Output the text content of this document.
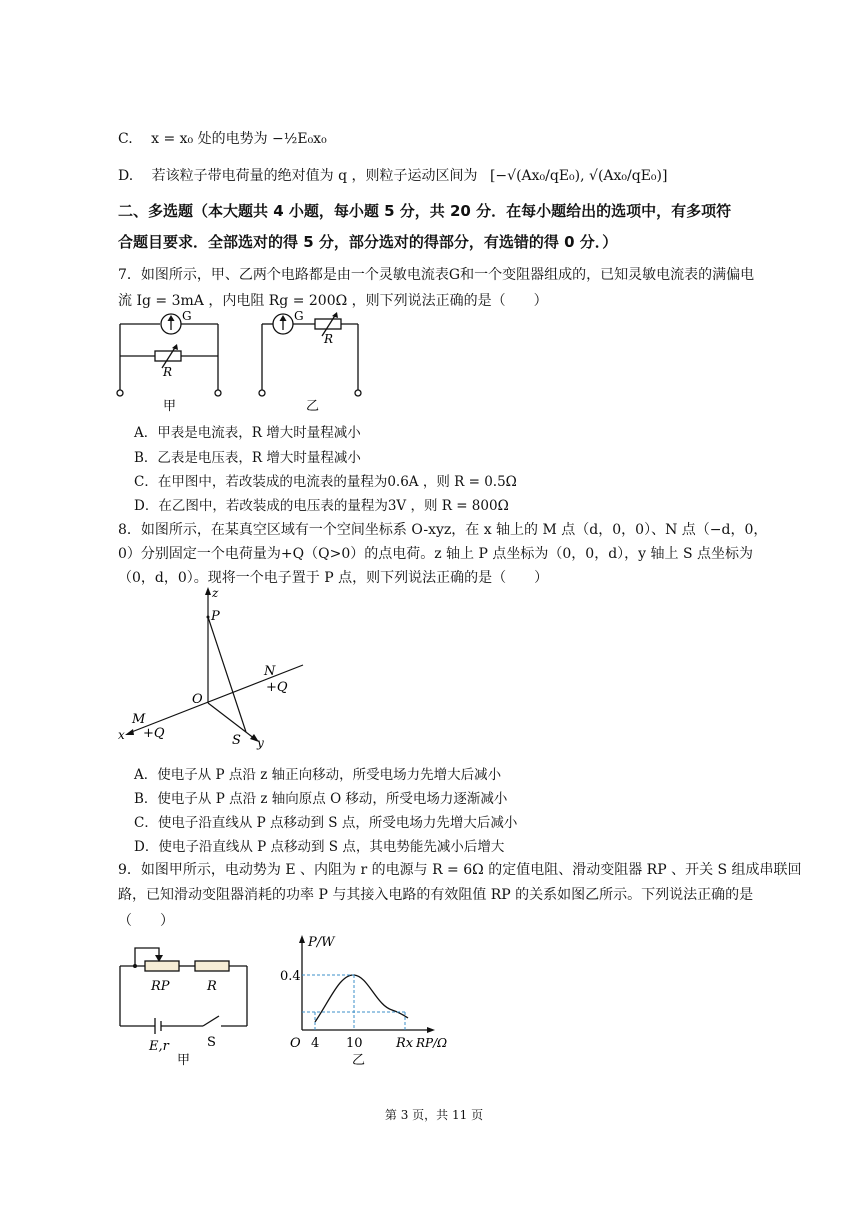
C.　 x = x₀ 处的电势为 −½E₀x₀
D.　 若该粒子带电荷量的绝对值为 q ，则粒子运动区间为 [−√(Ax₀/qE₀), √(Ax₀/qE₀)]
二、多选题（本大题共 4 小题，每小题 5 分，共 20 分．在每小题给出的选项中，有多项符
合题目要求．全部选对的得 5 分，部分选对的得部分，有选错的得 0 分．）
7．如图所示，甲、乙两个电路都是由一个灵敏电流表G和一个变阻器组成的，已知灵敏电流表的满偏电
流 Ig = 3mA ，内电阻 Rg = 200Ω ，则下列说法正确的是（　　）
G
R
G
R
甲	乙
A．甲表是电流表，R 增大时量程减小
B．乙表是电压表，R 增大时量程减小
C．在甲图中，若改装成的电流表的量程为0.6A ，则 R = 0.5Ω
D．在乙图中，若改装成的电压表的量程为3V ，则 R = 800Ω
8．如图所示，在某真空区域有一个空间坐标系 O-xyz，在 x 轴上的 M 点（d，0，0）、N 点（−d，0，
0）分别固定一个电荷量为+Q（Q>0）的点电荷。z 轴上 P 点坐标为（0，0，d），y 轴上 S 点坐标为
（0，d，0）。现将一个电子置于 P 点，则下列说法正确的是（　　）
z
P
N
+Q
O
M
+Q
x	S y
A．使电子从 P 点沿 z 轴正向移动，所受电场力先增大后减小
B．使电子从 P 点沿 z 轴向原点 O 移动，所受电场力逐渐减小
C．使电子沿直线从 P 点移动到 S 点，所受电场力先增大后减小
D．使电子沿直线从 P 点移动到 S 点，其电势能先减小后增大
9．如图甲所示，电动势为 E 、内阻为 r 的电源与 R = 6Ω 的定值电阻、滑动变阻器 RP 、开关 S 组成串联回
路，已知滑动变阻器消耗的功率 P 与其接入电路的有效阻值 RP 的关系如图乙所示。下列说法正确的是
（　　）
RP	R
E,r	S
甲
P/W
0.4
O 4 10	Rx RP/Ω
乙
第 3 页，共 11 页
